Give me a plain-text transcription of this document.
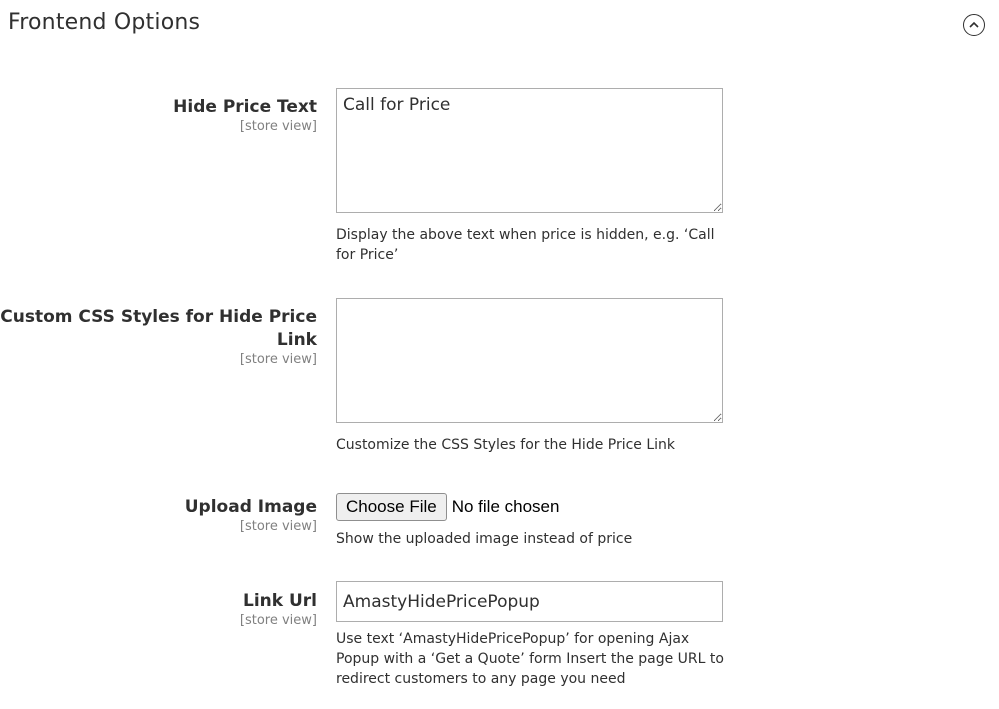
Frontend Options
Hide Price Text
[store view]
Call for Price
Display the above text when price is hidden, e.g. ‘Call for Price’
Custom CSS Styles for Hide Price
Link
[store view]
Customize the CSS Styles for the Hide Price Link
Upload Image
[store view]
Choose File No file chosen
Show the uploaded image instead of price
Link Url
[store view]
AmastyHidePricePopup
Use text ‘AmastyHidePricePopup’ for opening Ajax
Popup with a ‘Get a Quote’ form Insert the page URL to
redirect customers to any page you need
